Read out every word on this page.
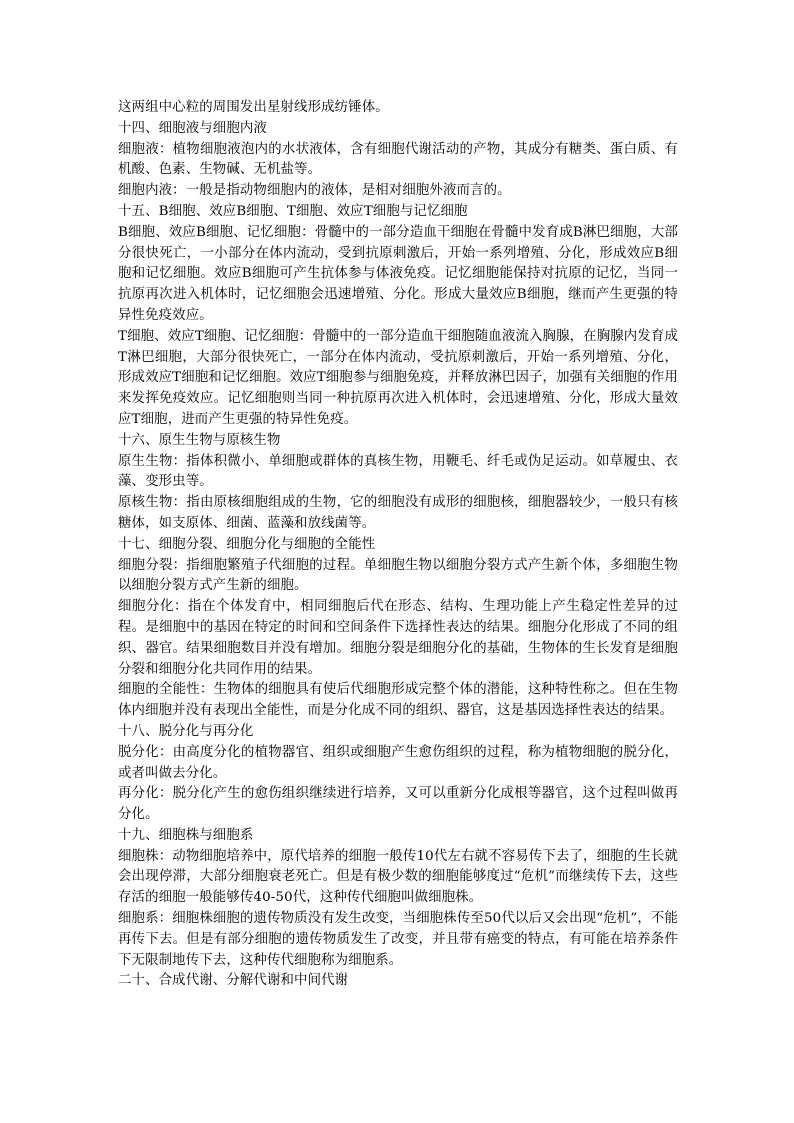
这两组中心粒的周围发出星射线形成纺锤体。

十四、细胞液与细胞内液

细胞液：植物细胞液泡内的水状液体，含有细胞代谢活动的产物，其成分有糖类、蛋白质、有机酸、色素、生物碱、无机盐等。

细胞内液：一般是指动物细胞内的液体，是相对细胞外液而言的。

十五、B细胞、效应B细胞、T细胞、效应T细胞与记忆细胞

B细胞、效应B细胞、记忆细胞：骨髓中的一部分造血干细胞在骨髓中发育成B淋巴细胞，大部分很快死亡，一小部分在体内流动，受到抗原刺激后，开始一系列增殖、分化，形成效应B细胞和记忆细胞。效应B细胞可产生抗体参与体液免疫。记忆细胞能保持对抗原的记忆，当同一抗原再次进入机体时，记忆细胞会迅速增殖、分化。形成大量效应B细胞，继而产生更强的特异性免疫效应。

T细胞、效应T细胞、记忆细胞：骨髓中的一部分造血干细胞随血液流入胸腺，在胸腺内发育成T淋巴细胞，大部分很快死亡，一部分在体内流动，受抗原刺激后，开始一系列增殖、分化，形成效应T细胞和记忆细胞。效应T细胞参与细胞免疫，并释放淋巴因子，加强有关细胞的作用来发挥免疫效应。记忆细胞则当同一种抗原再次进入机体时，会迅速增殖、分化，形成大量效应T细胞，进而产生更强的特异性免疫。

十六、原生生物与原核生物

原生生物：指体积微小、单细胞或群体的真核生物，用鞭毛、纤毛或伪足运动。如草履虫、衣藻、变形虫等。

原核生物：指由原核细胞组成的生物，它的细胞没有成形的细胞核，细胞器较少，一般只有核糖体，如支原体、细菌、蓝藻和放线菌等。

十七、细胞分裂、细胞分化与细胞的全能性

细胞分裂：指细胞繁殖子代细胞的过程。单细胞生物以细胞分裂方式产生新个体，多细胞生物以细胞分裂方式产生新的细胞。

细胞分化：指在个体发育中，相同细胞后代在形态、结构、生理功能上产生稳定性差异的过程。是细胞中的基因在特定的时间和空间条件下选择性表达的结果。细胞分化形成了不同的组织、器官。结果细胞数目并没有增加。细胞分裂是细胞分化的基础，生物体的生长发育是细胞分裂和细胞分化共同作用的结果。

细胞的全能性：生物体的细胞具有使后代细胞形成完整个体的潜能，这种特性称之。但在生物体内细胞并没有表现出全能性，而是分化成不同的组织、器官，这是基因选择性表达的结果。

十八、脱分化与再分化

脱分化：由高度分化的植物器官、组织或细胞产生愈伤组织的过程，称为植物细胞的脱分化，或者叫做去分化。

再分化：脱分化产生的愈伤组织继续进行培养，又可以重新分化成根等器官，这个过程叫做再分化。

十九、细胞株与细胞系

细胞株：动物细胞培养中，原代培养的细胞一般传10代左右就不容易传下去了，细胞的生长就会出现停滞，大部分细胞衰老死亡。但是有极少数的细胞能够度过“危机”而继续传下去，这些存活的细胞一般能够传40-50代，这种传代细胞叫做细胞株。

细胞系：细胞株细胞的遗传物质没有发生改变，当细胞株传至50代以后又会出现“危机”，不能再传下去。但是有部分细胞的遗传物质发生了改变，并且带有癌变的特点，有可能在培养条件下无限制地传下去，这种传代细胞称为细胞系。

二十、合成代谢、分解代谢和中间代谢
